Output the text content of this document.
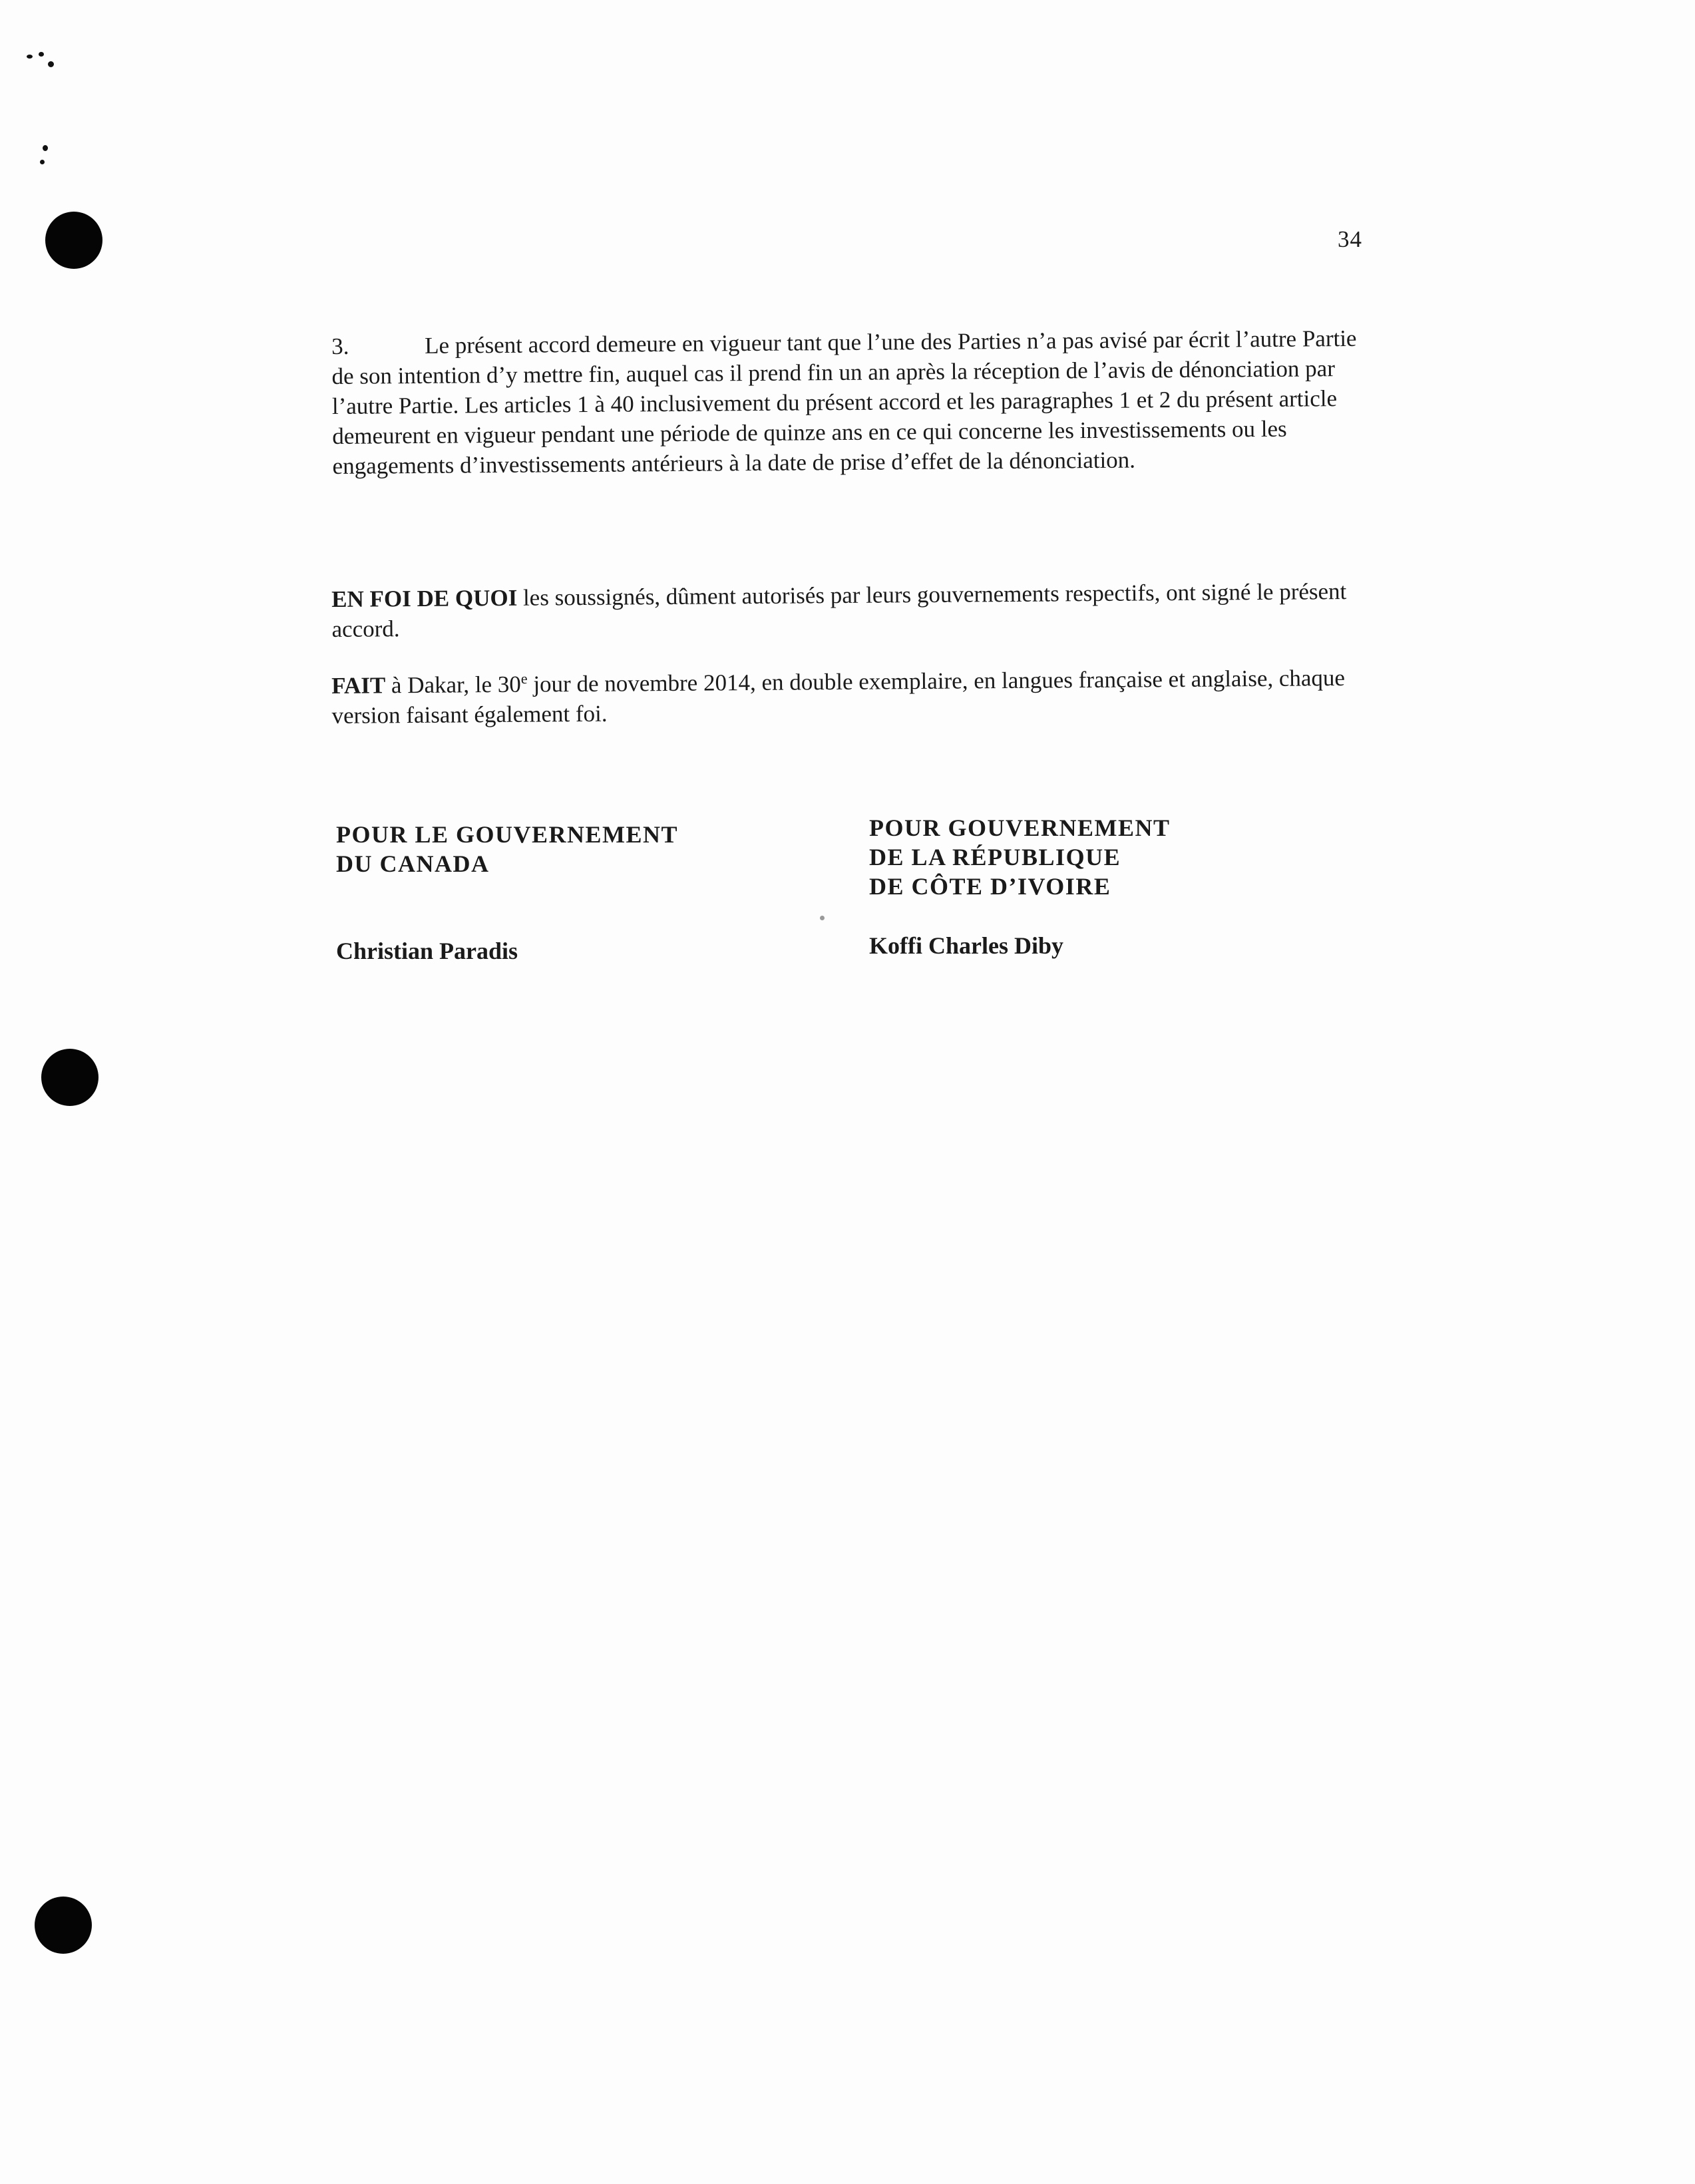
34
3.	Le présent accord demeure en vigueur tant que l’une des Parties n’a pas avisé par écrit l’autre Partie de son intention d’y mettre fin, auquel cas il prend fin un an après la réception de l’avis de dénonciation par l’autre Partie. Les articles 1 à 40 inclusivement du présent accord et les paragraphes 1 et 2 du présent article demeurent en vigueur pendant une période de quinze ans en ce qui concerne les investissements ou les engagements d’investissements antérieurs à la date de prise d’effet de la dénonciation.
EN FOI DE QUOI les soussignés, dûment autorisés par leurs gouvernements respectifs, ont signé le présent accord.
FAIT à Dakar, le 30e jour de novembre 2014, en double exemplaire, en langues française et anglaise, chaque version faisant également foi.
POUR LE GOUVERNEMENT
DU CANADA
Christian Paradis
POUR GOUVERNEMENT
DE LA RÉPUBLIQUE
DE CÔTE D’IVOIRE
Koffi Charles Diby
